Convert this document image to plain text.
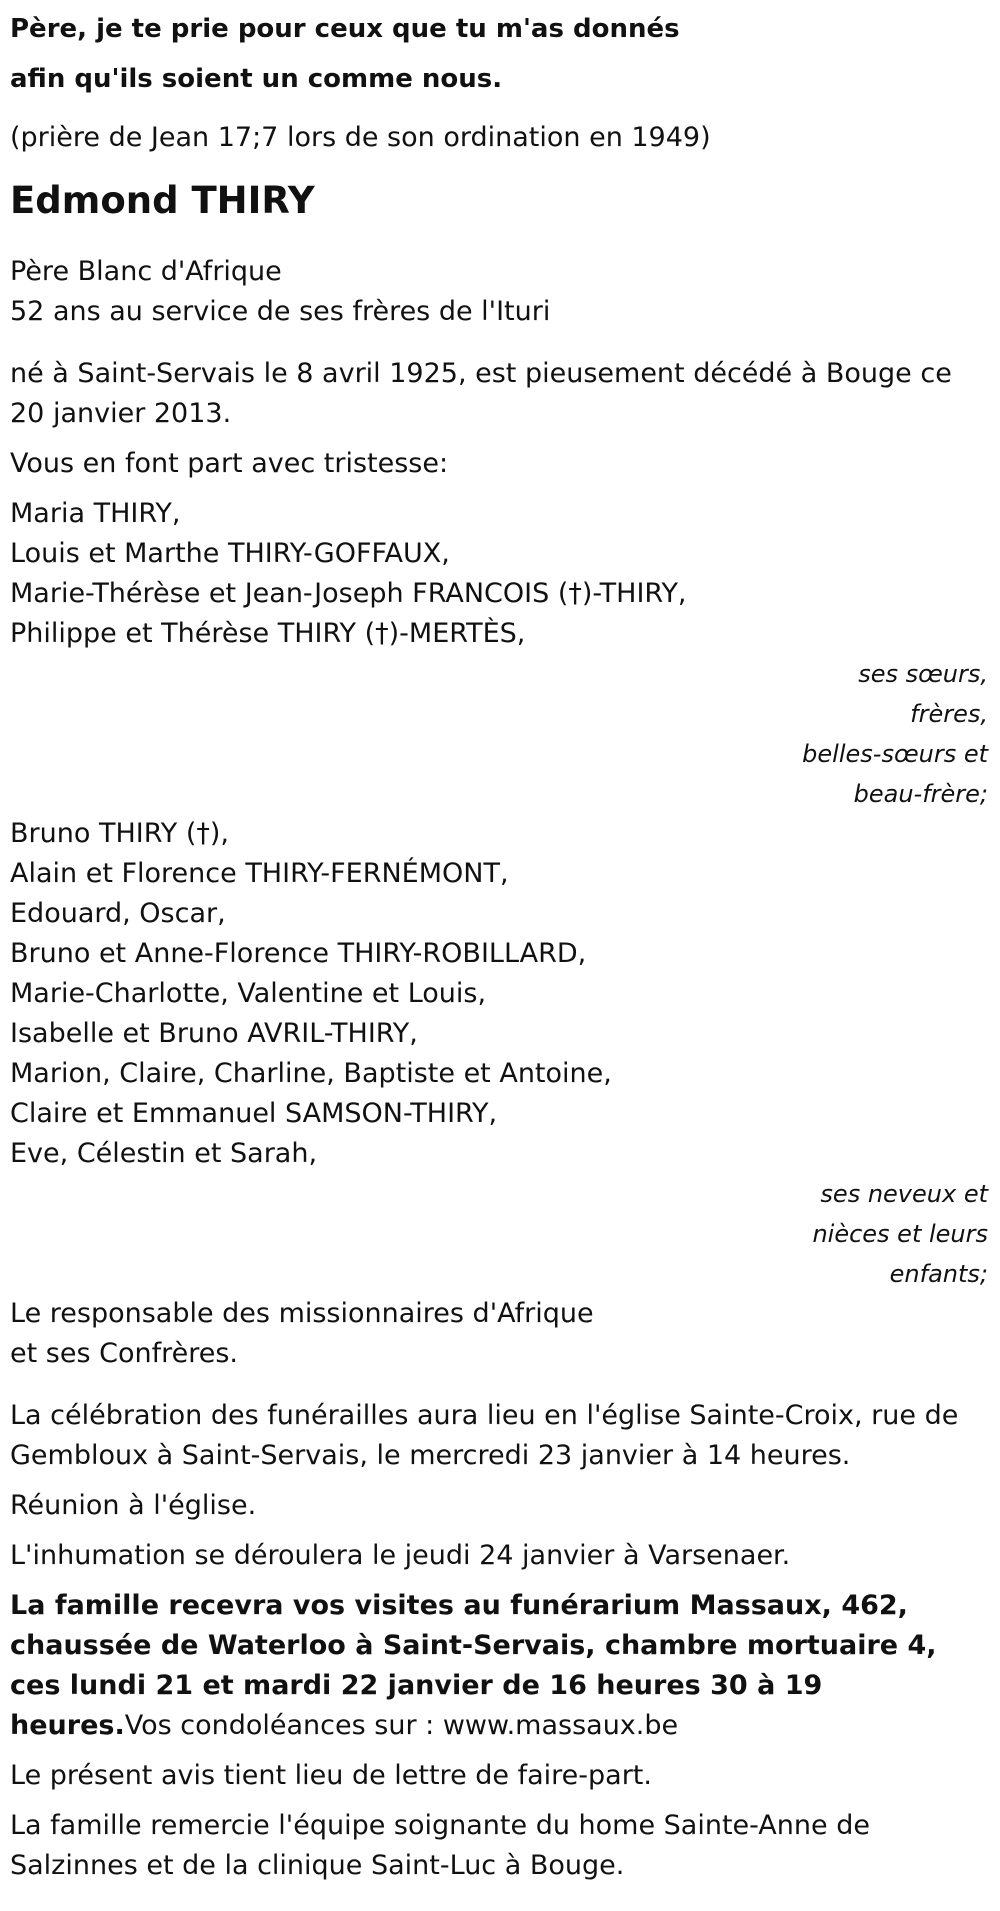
Père, je te prie pour ceux que tu m'as donnés
afin qu'ils soient un comme nous.

(prière de Jean 17;7 lors de son ordination en 1949)

Edmond THIRY
Père Blanc d'Afrique
52 ans au service de ses frères de l'Ituri

né à Saint-Servais le 8 avril 1925, est pieusement décédé à Bouge ce 20 janvier 2013.

Vous en font part avec tristesse:

Maria THIRY,
Louis et Marthe THIRY-GOFFAUX,
Marie-Thérèse et Jean-Joseph FRANCOIS (†)-THIRY,
Philippe et Thérèse THIRY (†)-MERTÈS,
ses sœurs, frères,
belles-sœurs et
beau-frère;
Bruno THIRY (†),
Alain et Florence THIRY-FERNÉMONT,
Edouard, Oscar,
Bruno et Anne-Florence THIRY-ROBILLARD,
Marie-Charlotte, Valentine et Louis,
Isabelle et Bruno AVRIL-THIRY,
Marion, Claire, Charline, Baptiste et Antoine,
Claire et Emmanuel SAMSON-THIRY,
Eve, Célestin et Sarah,
ses neveux et
nièces et leurs
enfants;
Le responsable des missionnaires d'Afrique
et ses Confrères.

La célébration des funérailles aura lieu en l'église Sainte-Croix, rue de Gembloux à Saint-Servais, le mercredi 23 janvier à 14 heures.

Réunion à l'église.

L'inhumation se déroulera le jeudi 24 janvier à Varsenaer.

La famille recevra vos visites au funérarium Massaux, 462, chaussée de Waterloo à Saint-Servais, chambre mortuaire 4, ces lundi 21 et mardi 22 janvier de 16 heures 30 à 19 heures.Vos condoléances sur : www.massaux.be

Le présent avis tient lieu de lettre de faire-part.

La famille remercie l'équipe soignante du home Sainte-Anne de Salzinnes et de la clinique Saint-Luc à Bouge.
